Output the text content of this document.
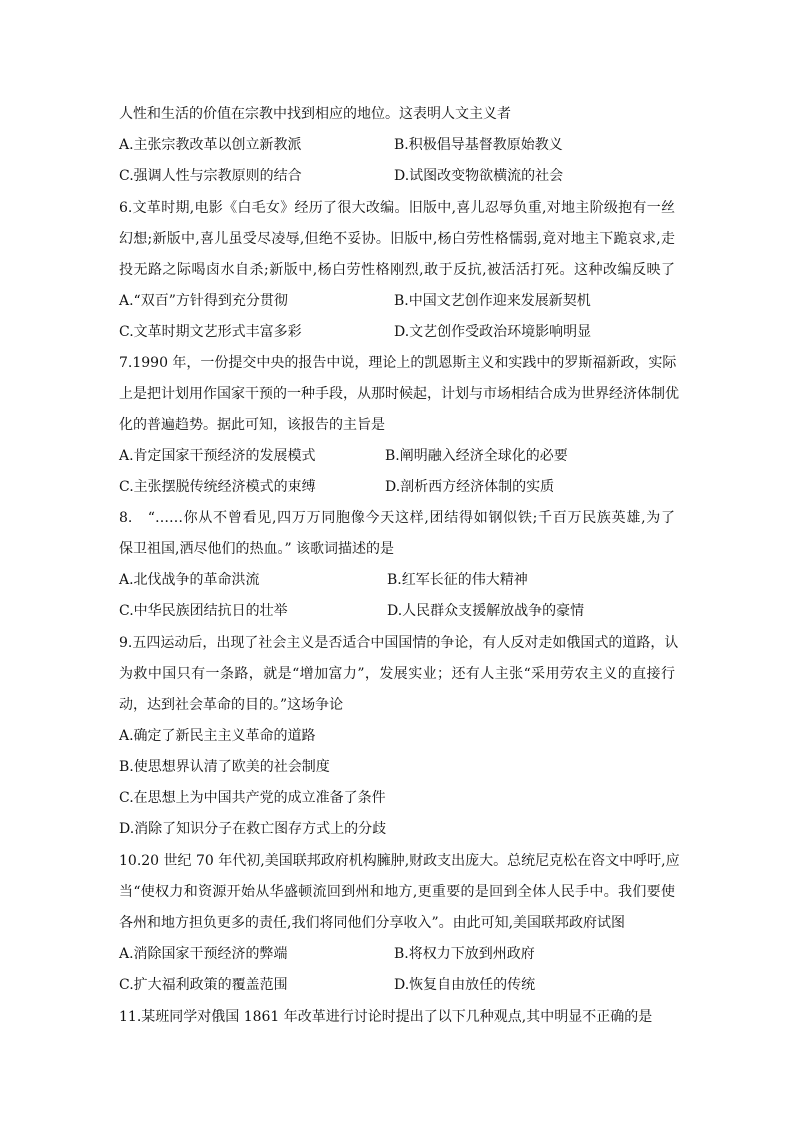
人性和生活的价值在宗教中找到相应的地位。这表明人文主义者
A.主张宗教改革以创立新教派	B.积极倡导基督教原始教义
C.强调人性与宗教原则的结合	D.试图改变物欲横流的社会
6.文革时期,电影《白毛女》经历了很大改编。旧版中,喜儿忍辱负重,对地主阶级抱有一丝
幻想;新版中,喜儿虽受尽凌辱,但绝不妥协。旧版中,杨白劳性格懦弱,竟对地主下跪哀求,走
投无路之际喝卤水自杀;新版中,杨白劳性格刚烈,敢于反抗,被活活打死。这种改编反映了
A.“双百”方针得到充分贯彻	B.中国文艺创作迎来发展新契机
C.文革时期文艺形式丰富多彩	D.文艺创作受政治环境影响明显
7.1990 年，一份提交中央的报告中说，理论上的凯恩斯主义和实践中的罗斯福新政，实际
上是把计划用作国家干预的一种手段，从那时候起，计划与市场相结合成为世界经济体制优
化的普遍趋势。据此可知，该报告的主旨是
A.肯定国家干预经济的发展模式	B.阐明融入经济全球化的必要
C.主张摆脱传统经济模式的束缚	D.剖析西方经济体制的实质
8.　“……你从不曾看见,四万万同胞像今天这样,团结得如钢似铁;千百万民族英雄,为了
保卫祖国,洒尽他们的热血。” 该歌词描述的是
A.北伐战争的革命洪流	B.红军长征的伟大精神
C.中华民族团结抗日的壮举	D.人民群众支援解放战争的豪情
9.五四运动后，出现了社会主义是否适合中国国情的争论，有人反对走如俄国式的道路，认
为救中国只有一条路，就是“增加富力”，发展实业；还有人主张“采用劳农主义的直接行
动，达到社会革命的目的。”这场争论
A.确定了新民主主义革命的道路
B.使思想界认清了欧美的社会制度
C.在思想上为中国共产党的成立准备了条件
D.消除了知识分子在救亡图存方式上的分歧
10.20 世纪 70 年代初,美国联邦政府机构臃肿,财政支出庞大。总统尼克松在咨文中呼吁,应
当“使权力和资源开始从华盛顿流回到州和地方,更重要的是回到全体人民手中。我们要使
各州和地方担负更多的责任,我们将同他们分享收入”。由此可知,美国联邦政府试图
A.消除国家干预经济的弊端	B.将权力下放到州政府
C.扩大福利政策的覆盖范围	D.恢复自由放任的传统
11.某班同学对俄国 1861 年改革进行讨论时提出了以下几种观点,其中明显不正确的是
